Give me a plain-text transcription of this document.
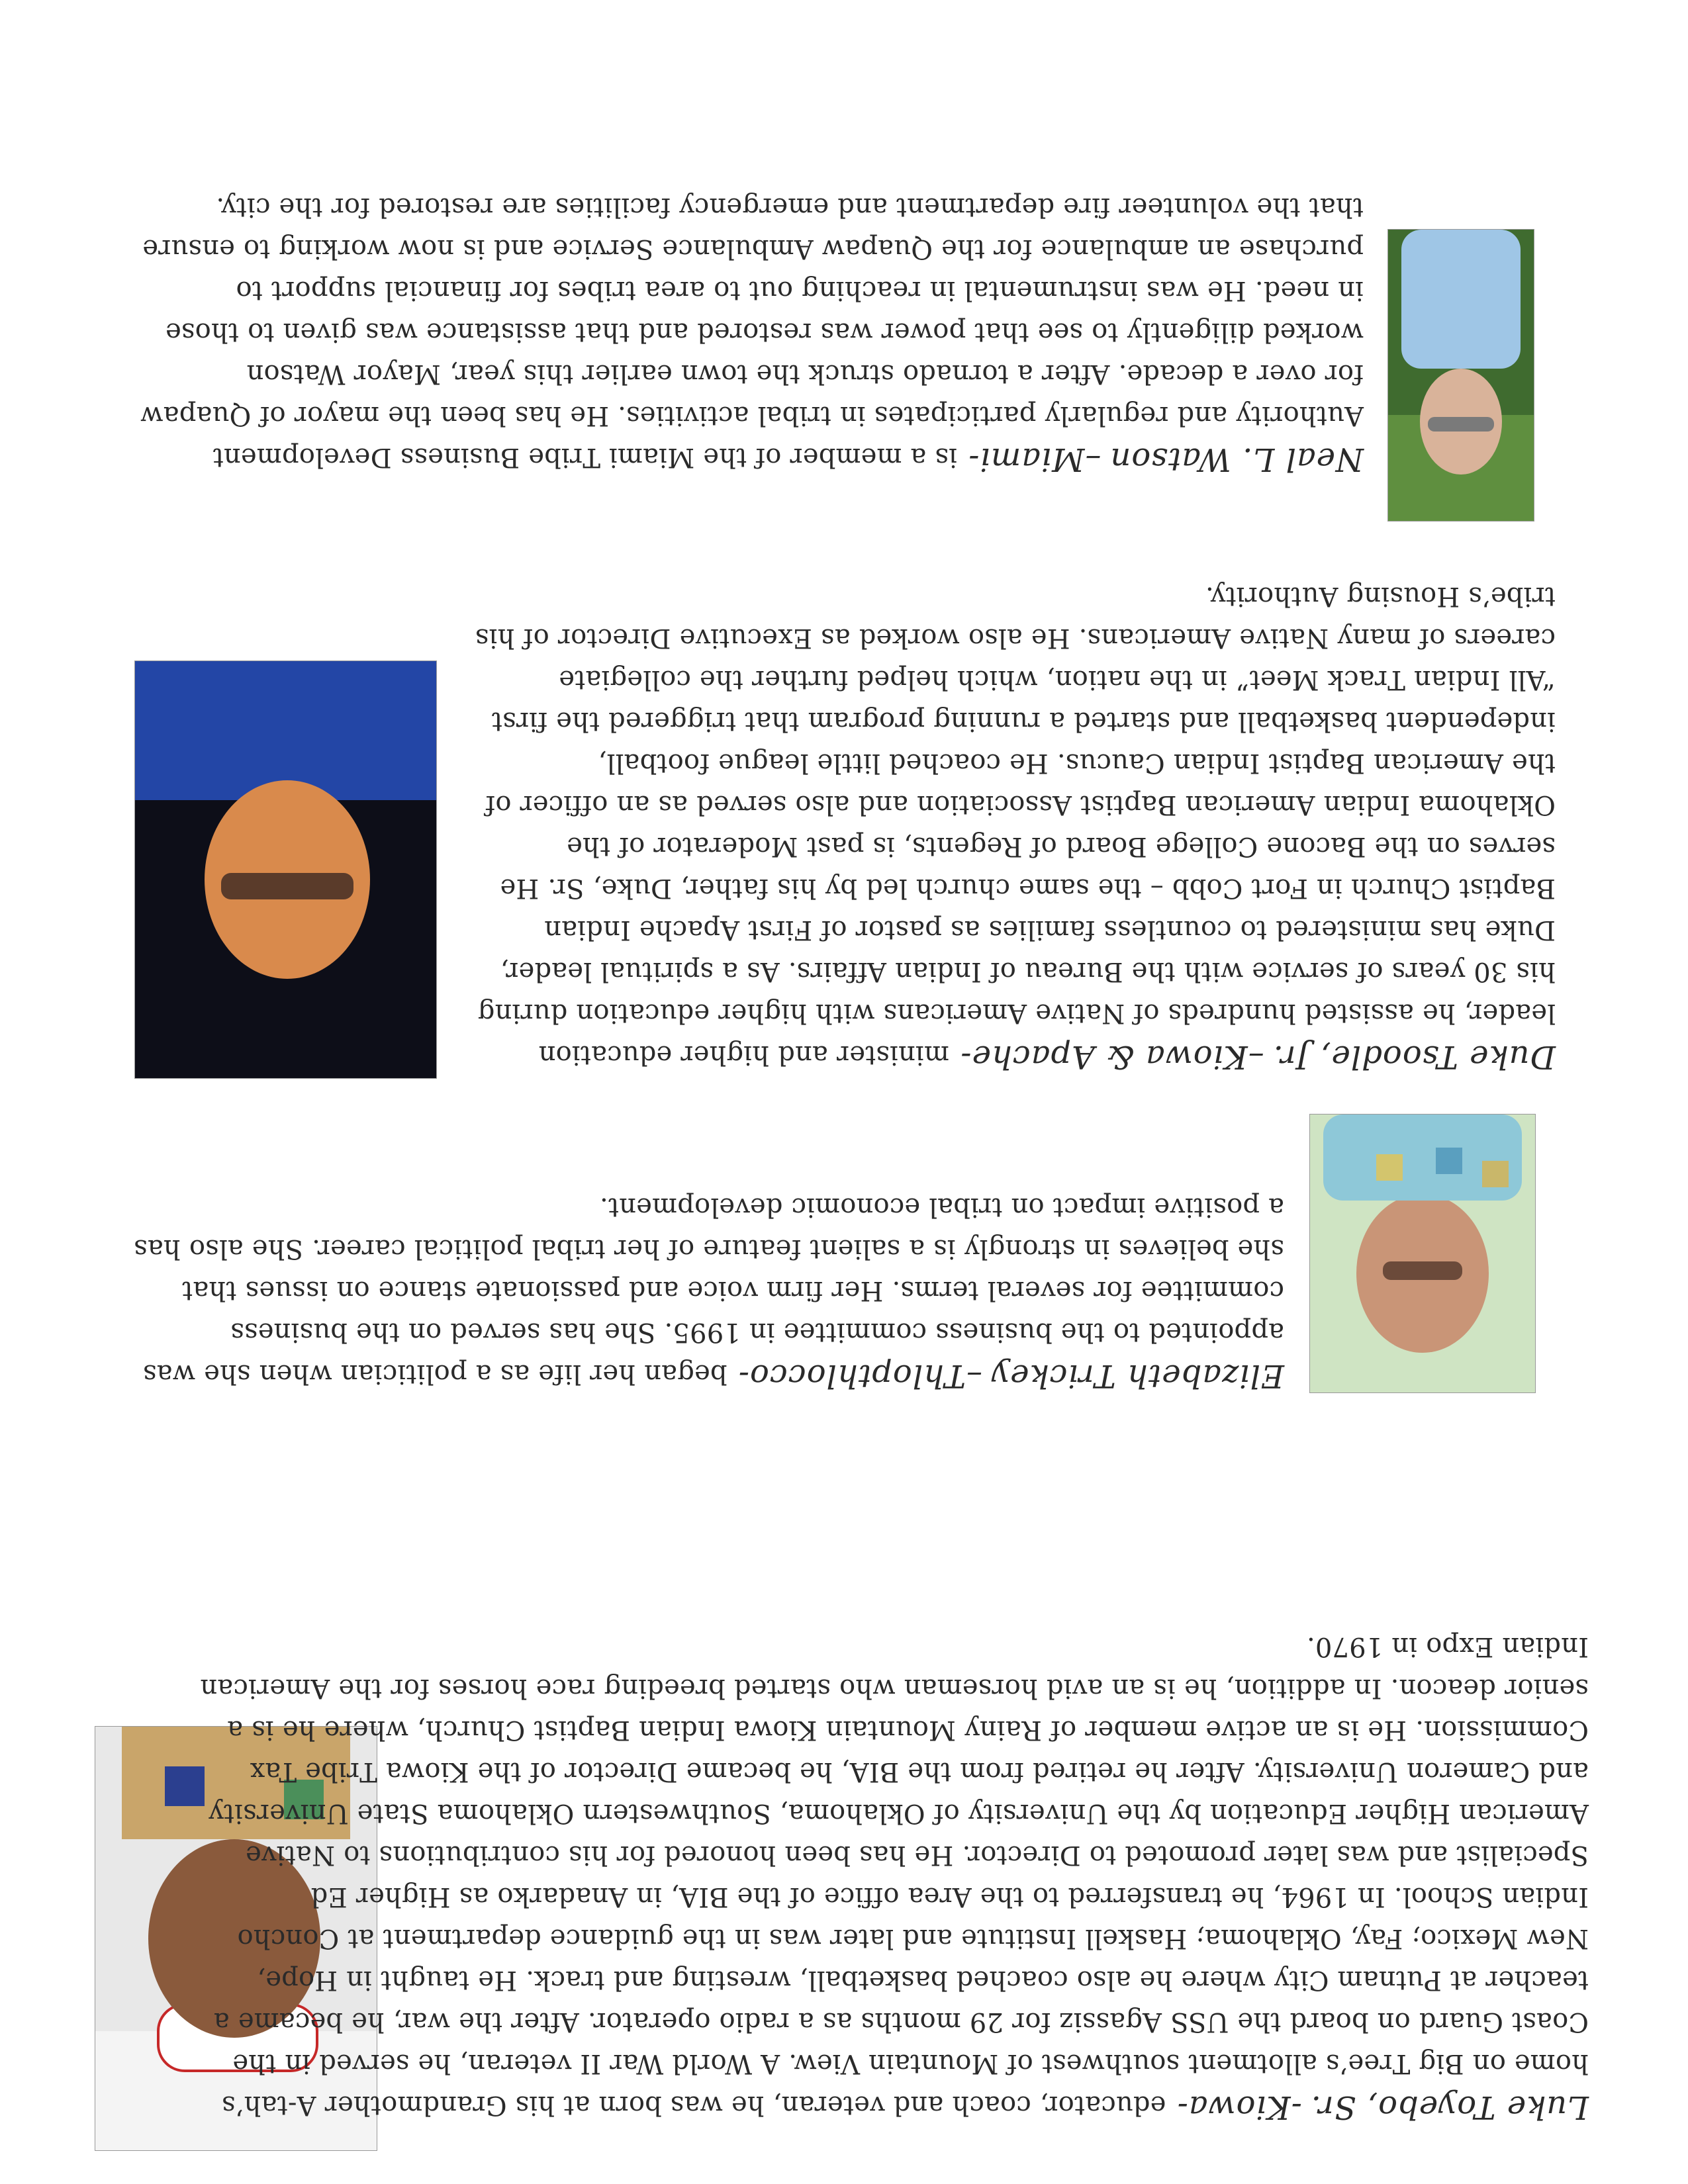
Neal L. Watson –Miami- is a member of the Miami Tribe Business Development Authority and regularly participates in tribal activities. He has been the mayor of Quapaw for over a decade. After a tornado struck the town earlier this year, Mayor Watson worked diligently to see that power was restored and that assistance was given to those in need. He was instrumental in reaching out to area tribes for financial support to purchase an ambulance for the Quapaw Ambulance Service and is now working to ensure that the volunteer fire department and emergency facilities are restored for the city.
Duke Tsoodle, Jr. –Kiowa & Apache- minister and higher education leader, he assisted hundreds of Native Americans with higher education during his 30 years of service with the Bureau of Indian Affairs. As a spiritual leader, Duke has ministered to countless families as pastor of First Apache Indian Baptist Church in Fort Cobb – the same church led by his father, Duke, Sr. He serves on the Bacone College Board of Regents, is past Moderator of the Oklahoma Indian American Baptist Association and also served as an officer of the American Baptist Indian Caucus. He coached little league football, independent basketball and started a running program that triggered the first “All Indian Track Meet” in the nation, which helped further the collegiate careers of many Native Americans. He also worked as Executive Director of his tribe’s Housing Authority.
Elizabeth Trickey –Thlopthlocco- began her life as a politician when she was appointed to the business committee in 1995. She has served on the business committee for several terms. Her firm voice and passionate stance on issues that she believes in strongly is a salient feature of her tribal political career. She also has a positive impact on tribal economic development.
Luke Toyebo, Sr. -Kiowa- educator, coach and veteran, he was born at his Grandmother A-tah’s home on Big Tree’s allotment southwest of Mountain View. A World War II veteran, he served in the Coast Guard on board the USS Agassiz for 29 months as a radio operator. After the war, he became a teacher at Putnam City where he also coached basketball, wresting and track. He taught in Hope, New Mexico; Fay, Oklahoma; Haskell Institute and later was in the guidance department at Concho Indian School. In 1964, he transferred to the Area office of the BIA, in Anadarko as Higher Ed Specialist and was later promoted to Director. He has been honored for his contributions to Native American Higher Education by the University of Oklahoma, Southwestern Oklahoma State University and Cameron University. After he retired from the BIA, he became Director of the Kiowa Tribe Tax Commission. He is an active member of Rainy Mountain Kiowa Indian Baptist Church, where he is a senior deacon. In addition, he is an avid horseman who started breeding race horses for the American Indian Expo in 1970.
